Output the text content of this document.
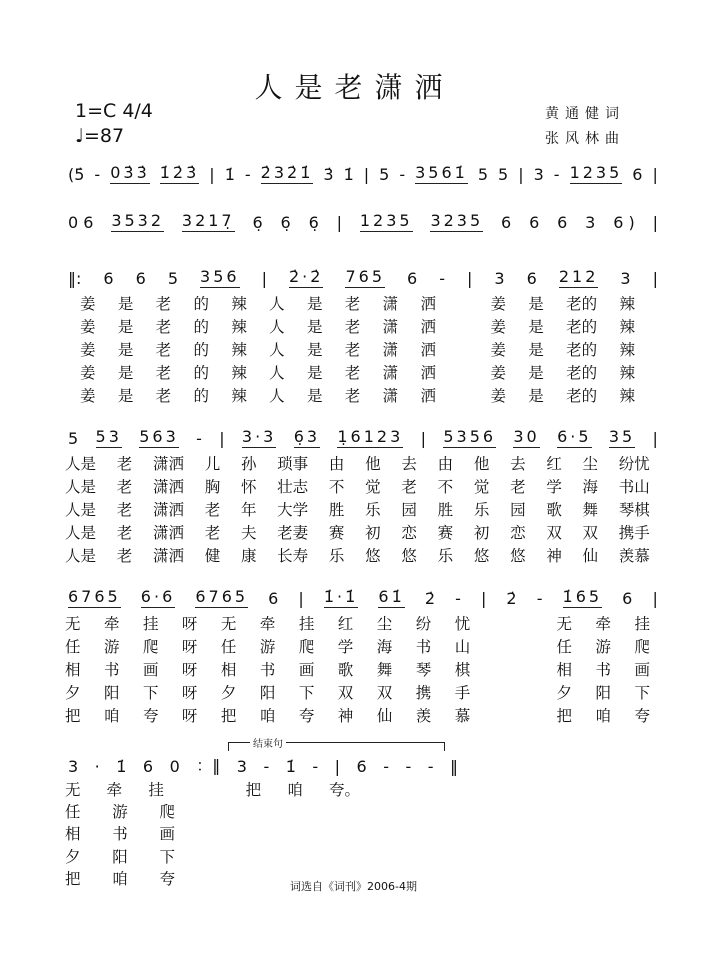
人是老潇洒
1=C 4/4
♩=87
黄通健词
张风林曲
(5̇ - 03̇3̇ 1̇2̇3̇ | 1̇ - 2̇32̇1̇ 3̇ 1̇ | 5 - 3561̇ 5 5 | 3 - 1235 6 |
0 6 3532 3217̣ 6̣ 6̣ 6̣ | 1235 3235 6 6 6 3 6 ) |
‖: 6 6 5 356 | 2̇·2̇ 765 6 - | 3 6 212 3 |
姜 是 老 的 辣 人 是 老 潇 洒
	姜 是 老的 辣
姜 是 老 的 辣 人 是 老 潇 洒
	姜 是 老的 辣
姜 是 老 的 辣 人 是 老 潇 洒
	姜 是 老的 辣
姜 是 老 的 辣 人 是 老 潇 洒
	姜 是 老的 辣
姜 是 老 的 辣 人 是 老 潇 洒
	姜 是 老的 辣
5 53 563 - | 3·3 6̣3 1̣6123 | 5356 30 6·5 35 |
人是 老 潇洒 儿 孙 琐事 由 他 去 由 他 去 红 尘 纷忧
人是 老 潇洒 胸 怀 壮志 不 觉 老 不 觉 老 学 海 书山
人是 老 潇洒 老 年 大学 胜 乐 园 胜 乐 园 歌 舞 琴棋
人是 老 潇洒 老 夫 老妻 赛 初 恋 赛 初 恋 双 双 携手
人是 老 潇洒 健 康 长寿 乐 悠 悠 乐 悠 悠 神 仙 羡慕
6765 6·6 6765 6 | 1̇·1̇ 61̇ 2̇ - | 2̇ - 1̇65 6 |
无 牵 挂 呀 无 牵 挂 红 尘 纷 忧
	无 牵 挂
任 游 爬 呀 任 游 爬 学 海 书 山
	任 游 爬
相 书 画 呀 相 书 画 歌 舞 琴 棋
	相 书 画
夕 阳 下 呀 夕 阳 下 双 双 携 手
	夕 阳 下
把 咱 夸 呀 把 咱 夸 神 仙 羡 慕
	把 咱 夸
3 · 1̇ 6 0 ：‖ 3 - 1̇ - | 6 - - - ‖
无 牵 挂
	把 咱 夸。
任 游 爬
相 书 画
夕 阳 下
把 咱 夸
结束句
词选自《词刊》2006-4期
